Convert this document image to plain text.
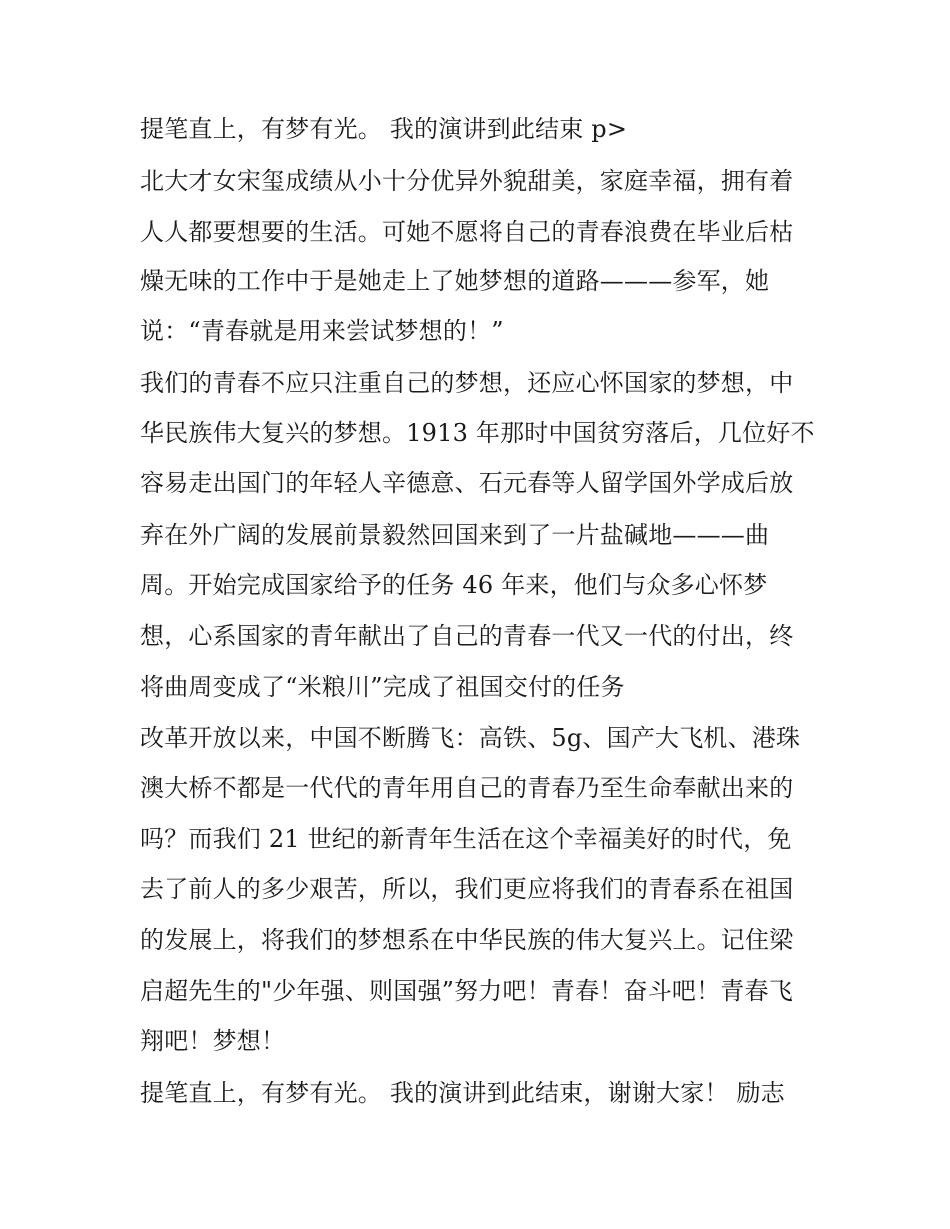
提笔直上，有梦有光。 我的演讲到此结束 p>
北大才女宋玺成绩从小十分优异外貌甜美，家庭幸福，拥有着
人人都要想要的生活。可她不愿将自己的青春浪费在毕业后枯
燥无味的工作中于是她走上了她梦想的道路———参军，她
说：“青春就是用来尝试梦想的！”
我们的青春不应只注重自己的梦想，还应心怀国家的梦想，中
华民族伟大复兴的梦想。1913 年那时中国贫穷落后，几位好不
容易走出国门的年轻人辛德意、石元春等人留学国外学成后放
弃在外广阔的发展前景毅然回国来到了一片盐碱地———曲
周。开始完成国家给予的任务 46 年来，他们与众多心怀梦
想，心系国家的青年献出了自己的青春一代又一代的付出，终
将曲周变成了“米粮川”完成了祖国交付的任务
改革开放以来，中国不断腾飞：高铁、5g、国产大飞机、港珠
澳大桥不都是一代代的青年用自己的青春乃至生命奉献出来的
吗？而我们 21 世纪的新青年生活在这个幸福美好的时代，免
去了前人的多少艰苦，所以，我们更应将我们的青春系在祖国
的发展上，将我们的梦想系在中华民族的伟大复兴上。记住梁
启超先生的"少年强、则国强”努力吧！青春！奋斗吧！青春飞
翔吧！梦想！
提笔直上，有梦有光。 我的演讲到此结束，谢谢大家！ 励志
